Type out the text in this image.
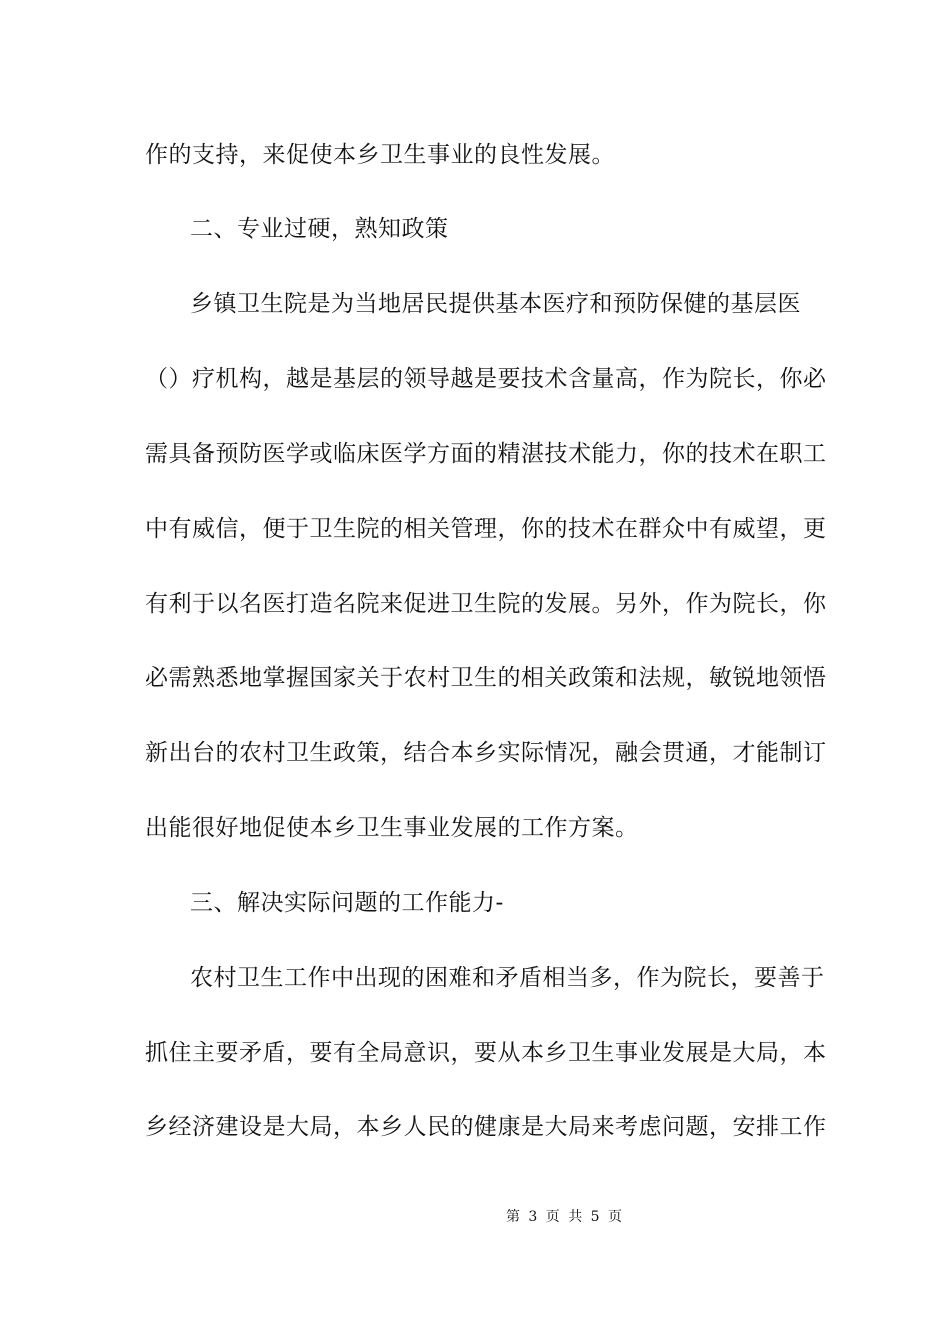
作的支持，来促使本乡卫生事业的良性发展。
二、专业过硬，熟知政策
乡镇卫生院是为当地居民提供基本医疗和预防保健的基层医
（）疗机构，越是基层的领导越是要技术含量高，作为院长，你必
需具备预防医学或临床医学方面的精湛技术能力，你的技术在职工
中有威信，便于卫生院的相关管理，你的技术在群众中有威望，更
有利于以名医打造名院来促进卫生院的发展。另外，作为院长，你
必需熟悉地掌握国家关于农村卫生的相关政策和法规，敏锐地领悟
新出台的农村卫生政策，结合本乡实际情况，融会贯通，才能制订
出能很好地促使本乡卫生事业发展的工作方案。
三、解决实际问题的工作能力-
农村卫生工作中出现的困难和矛盾相当多，作为院长，要善于
抓住主要矛盾，要有全局意识，要从本乡卫生事业发展是大局，本
乡经济建设是大局，本乡人民的健康是大局来考虑问题，安排工作
第 3 页 共 5 页
